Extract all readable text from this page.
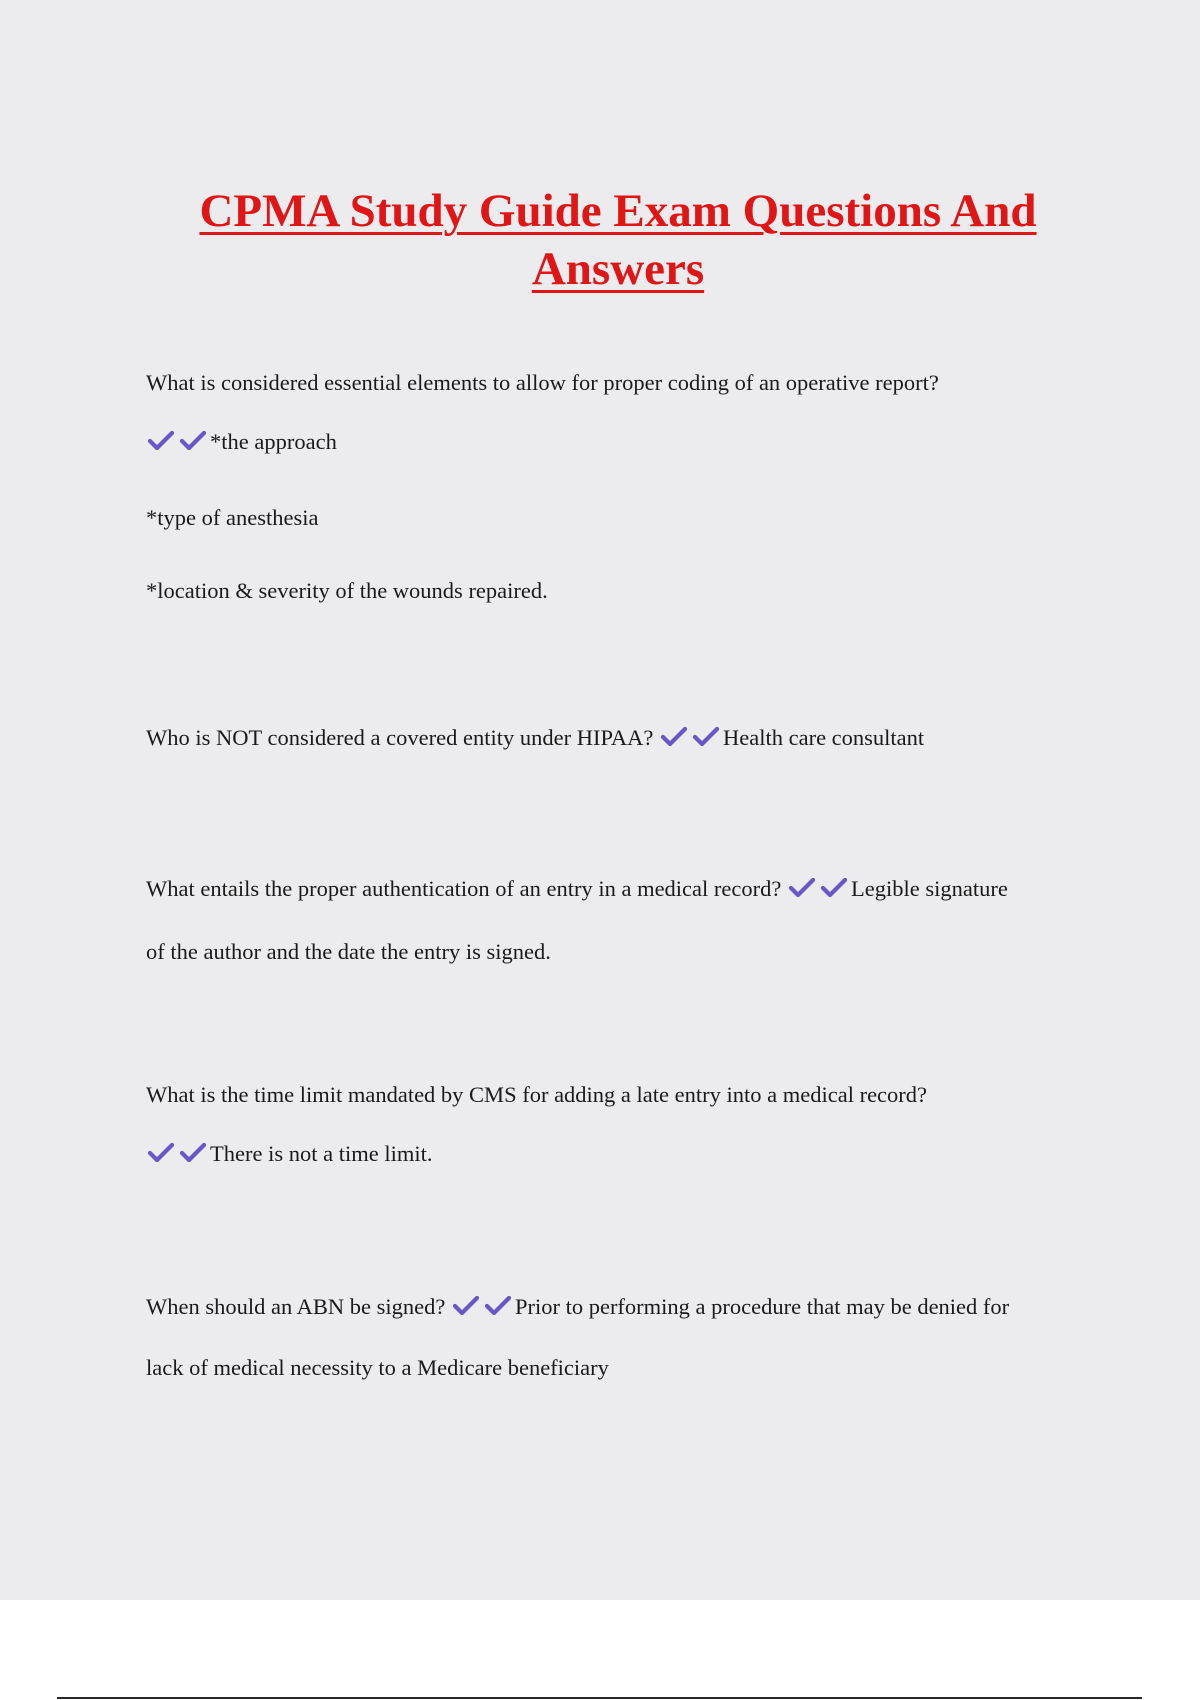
CPMA Study Guide Exam Questions And
Answers

What is considered essential elements to allow for proper coding of an operative report?

*the approach

*type of anesthesia

*location & severity of the wounds repaired.

Who is NOT considered a covered entity under HIPAA?	Health care consultant

What entails the proper authentication of an entry in a medical record?	Legible signature

of the author and the date the entry is signed.

What is the time limit mandated by CMS for adding a late entry into a medical record?

There is not a time limit.

When should an ABN be signed?	Prior to performing a procedure that may be denied for

lack of medical necessity to a Medicare beneficiary
